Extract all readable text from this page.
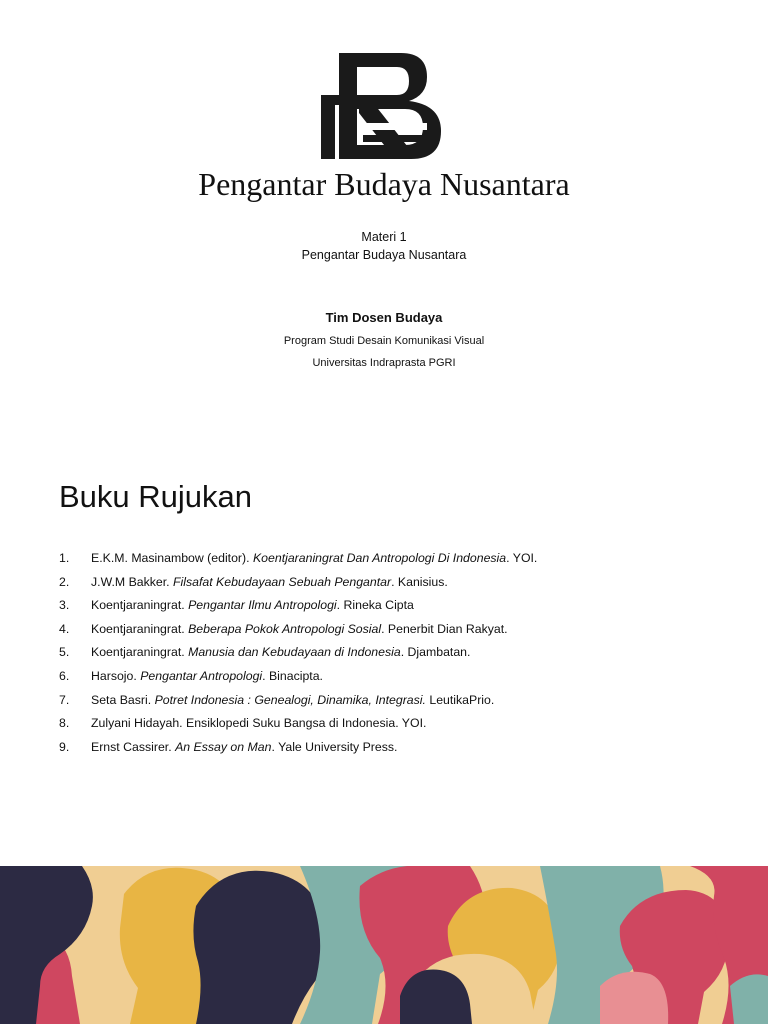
Pengantar Budaya Nusantara
Materi 1
Pengantar Budaya Nusantara
Tim Dosen Budaya
Program Studi Desain Komunikasi Visual
Universitas Indraprasta PGRI
Buku Rujukan
1.	E.K.M. Masinambow (editor). Koentjaraningrat Dan Antropologi Di Indonesia. YOI.
2.	J.W.M Bakker. Filsafat Kebudayaan Sebuah Pengantar. Kanisius.
3.	Koentjaraningrat. Pengantar Ilmu Antropologi. Rineka Cipta
4.	Koentjaraningrat. Beberapa Pokok Antropologi Sosial. Penerbit Dian Rakyat.
5.	Koentjaraningrat. Manusia dan Kebudayaan di Indonesia. Djambatan.
6.	Harsojo. Pengantar Antropologi. Binacipta.
7.	Seta Basri. Potret Indonesia : Genealogi, Dinamika, Integrasi. LeutikaPrio.
8.	Zulyani Hidayah. Ensiklopedi Suku Bangsa di Indonesia. YOI.
9.	Ernst Cassirer. An Essay on Man. Yale University Press.
